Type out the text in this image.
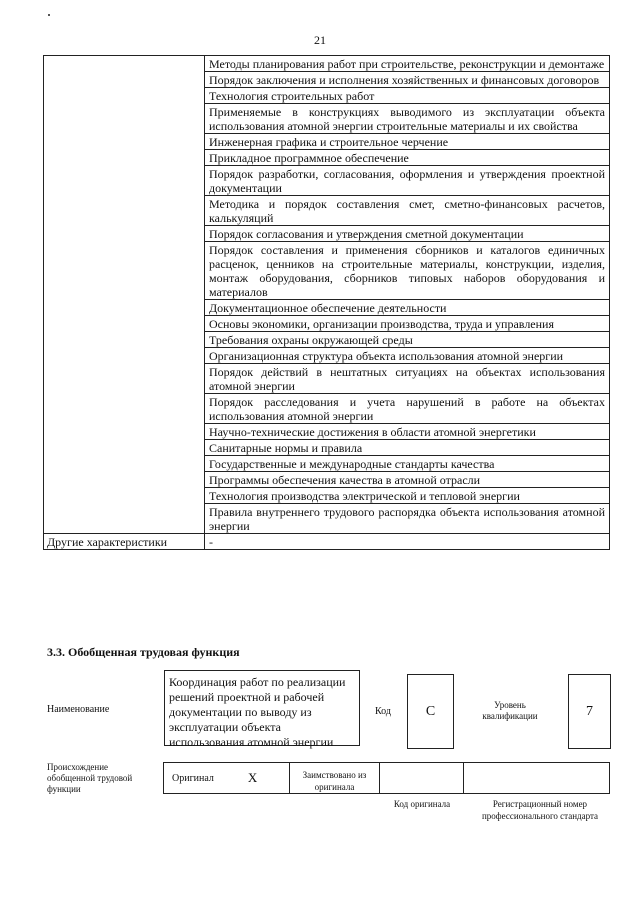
21
	Методы планирования работ при строительстве, реконструкции и демонтаже
	Порядок заключения и исполнения хозяйственных и финансовых договоров
	Технология строительных работ
	Применяемые в конструкциях выводимого из эксплуатации объекта использования атомной энергии строительные материалы и их свойства
	Инженерная графика и строительное черчение
	Прикладное программное обеспечение
	Порядок разработки, согласования, оформления и утверждения проектной документации
	Методика и порядок составления смет, сметно-финансовых расчетов, калькуляций
	Порядок согласования и утверждения сметной документации
	Порядок составления и применения сборников и каталогов единичных расценок, ценников на строительные материалы, конструкции, изделия, монтаж оборудования, сборников типовых наборов оборудования и материалов
	Документационное обеспечение деятельности
	Основы экономики, организации производства, труда и управления
	Требования охраны окружающей среды
	Организационная структура объекта использования атомной энергии
	Порядок действий в нештатных ситуациях на объектах использования атомной энергии
	Порядок расследования и учета нарушений в работе на объектах использования атомной энергии
	Научно-технические достижения в области атомной энергетики
	Санитарные нормы и правила
	Государственные и международные стандарты качества
	Программы обеспечения качества в атомной отрасли
	Технология производства электрической и тепловой энергии
	Правила внутреннего трудового распорядка объекта использования атомной энергии
Другие характеристики	-
3.3. Обобщенная трудовая функция
Наименование
Координация работ по реализации решений проектной и рабочей документации по выводу из эксплуатации объекта использования атомной энергии
Код	C	Уровень квалификации	7
Происхождение обобщенной трудовой функции
Оригинал	X	Заимствовано из оригинала
Код оригинала	Регистрационный номер профессионального стандарта
